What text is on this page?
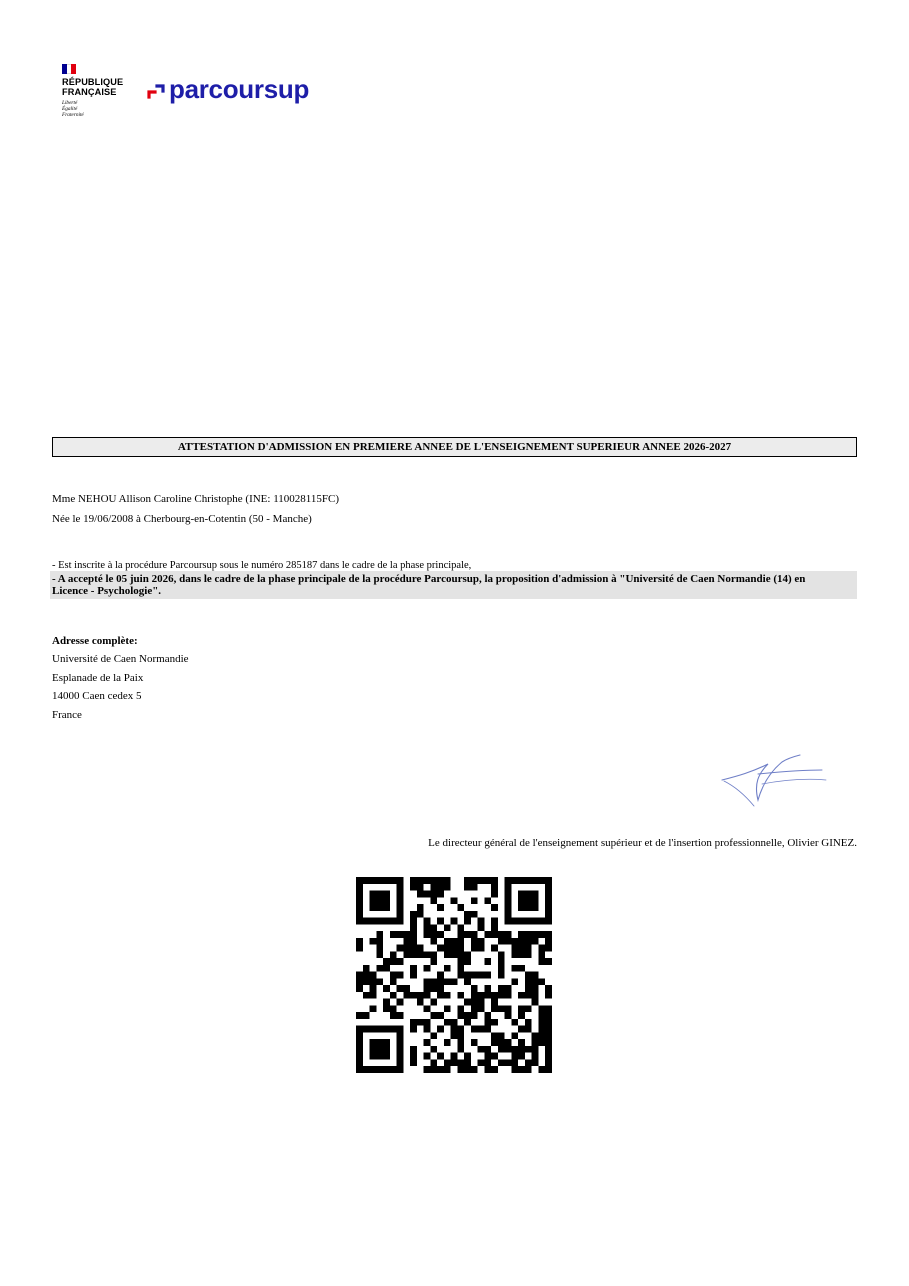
RÉPUBLIQUE
FRANÇAISE
Liberté
Égalité
Fraternité
parcoursup
ATTESTATION D'ADMISSION EN PREMIERE ANNEE DE L'ENSEIGNEMENT SUPERIEUR ANNEE 2026-2027
Mme NEHOU Allison Caroline Christophe (INE: 110028115FC)
Née le 19/06/2008 à Cherbourg-en-Cotentin (50 - Manche)
- Est inscrite à la procédure Parcoursup sous le numéro 285187 dans le cadre de la phase principale,
- A accepté le 05 juin 2026, dans le cadre de la phase principale de la procédure Parcoursup, la proposition d'admission à "Université de Caen Normandie (14) en Licence - Psychologie".
Adresse complète:
Université de Caen Normandie
Esplanade de la Paix
14000 Caen cedex 5
France
Le directeur général de l'enseignement supérieur et de l'insertion professionnelle, Olivier GINEZ.
